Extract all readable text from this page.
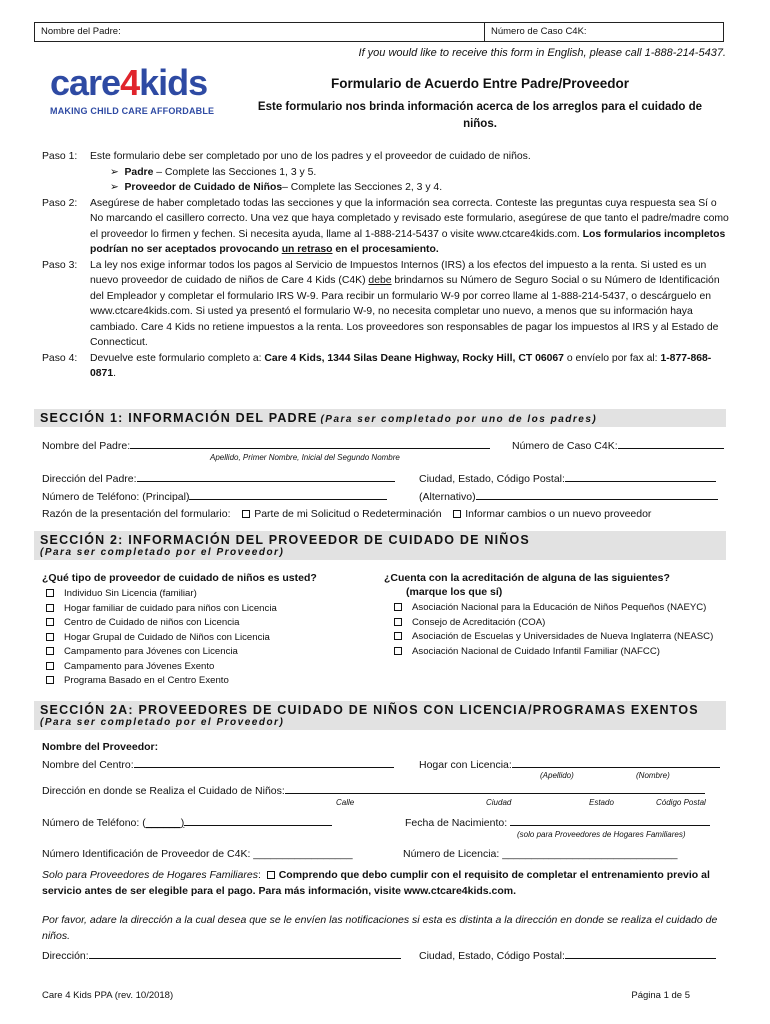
Nombre del Padre:	Número de Caso C4K:
If you would like to receive this form in English, please call 1-888-214-5437.
care4kids
MAKING CHILD CARE AFFORDABLE
Formulario de Acuerdo Entre Padre/Proveedor
Este formulario nos brinda información acerca de los arreglos para el cuidado de niños.
Paso 1:	Este formulario debe ser completado por uno de los padres y el proveedor de cuidado de niños.
➢  Padre – Complete las Secciones 1, 3 y 5.
➢  Proveedor de Cuidado de Niños– Complete las Secciones 2, 3 y 4.
Paso 2:	Asegúrese de haber completado todas las secciones y que la información sea correcta. Conteste las preguntas cuya respuesta sea Sí o No marcando el casillero correcto. Una vez que haya completado y revisado este formulario, asegúrese de que tanto el padre/madre como el proveedor lo firmen y fechen. Si necesita ayuda, llame al 1-888-214-5437 o visite www.ctcare4kids.com. Los formularios incompletos podrían no ser aceptados provocando un retraso en el procesamiento.
Paso 3:	La ley nos exige informar todos los pagos al Servicio de Impuestos Internos (IRS) a los efectos del impuesto a la renta. Si usted es un nuevo proveedor de cuidado de niños de Care 4 Kids (C4K) debe brindarnos su Número de Seguro Social o su Número de Identificación del Empleador y completar el formulario IRS W-9. Para recibir un formulario W-9 por correo llame al 1-888-214-5437, o descárguelo en www.ctcare4kids.com. Si usted ya presentó el formulario W-9, no necesita completar uno nuevo, a menos que su información haya cambiado. Care 4 Kids no retiene impuestos a la renta. Los proveedores son responsables de pagar los impuestos al IRS y al Estado de Connecticut.
Paso 4:	Devuelve este formulario completo a: Care 4 Kids, 1344 Silas Deane Highway, Rocky Hill, CT 06067 o envíelo por fax al: 1-877-868-0871.
SECCIÓN 1: INFORMACIÓN DEL PADRE (Para ser completado por uno de los padres)
Nombre del Padre:	Número de Caso C4K:
Apellido, Primer Nombre, Inicial del Segundo Nombre
Dirección del Padre:	Ciudad, Estado, Código Postal:
Número de Teléfono: (Principal)	(Alternativo)
Razón de la presentación del formulario: Parte de mi Solicitud o Redeterminación Informar cambios o un nuevo proveedor
SECCIÓN 2: INFORMACIÓN DEL PROVEEDOR DE CUIDADO DE NIÑOS
(Para ser completado por el Proveedor)
¿Qué tipo de proveedor de cuidado de niños es usted?	¿Cuenta con la acreditación de alguna de las siguientes?
(marque los que sí)
Individuo Sin Licencia (familiar)
Hogar familiar de cuidado para niños con Licencia
Centro de Cuidado de niños con Licencia
Hogar Grupal de Cuidado de Niños con Licencia
Campamento para Jóvenes con Licencia
Campamento para Jóvenes Exento
Programa Basado en el Centro Exento
Asociación Nacional para la Educación de Niños Pequeños (NAEYC)
Consejo de Acreditación (COA)
Asociación de Escuelas y Universidades de Nueva Inglaterra (NEASC)
Asociación Nacional de Cuidado Infantil Familiar (NAFCC)
SECCIÓN 2A: PROVEEDORES DE CUIDADO DE NIÑOS CON LICENCIA/PROGRAMAS EXENTOS
(Para ser completado por el Proveedor)
Nombre del Proveedor:
Nombre del Centro:	Hogar con Licencia:
(Apellido)	(Nombre)
Dirección en donde se Realiza el Cuidado de Niños:
Calle	Ciudad	Estado	Código Postal
Número de Teléfono: (______)	Fecha de Nacimiento:
(solo para Proveedores de Hogares Familiares)
Número Identificación de Proveedor de C4K: _________________	Número de Licencia: ______________________________
Solo para Proveedores de Hogares Familiares: Comprendo que debo cumplir con el requisito de completar el entrenamiento previo al servicio antes de ser elegible para el pago. Para más información, visite www.ctcare4kids.com.
Por favor, adare la dirección a la cual desea que se le envíen las notificaciones si esta es distinta a la dirección en donde se realiza el cuidado de niños.
Dirección:	Ciudad, Estado, Código Postal:
Care 4 Kids PPA (rev. 10/2018)	Página 1 de 5
